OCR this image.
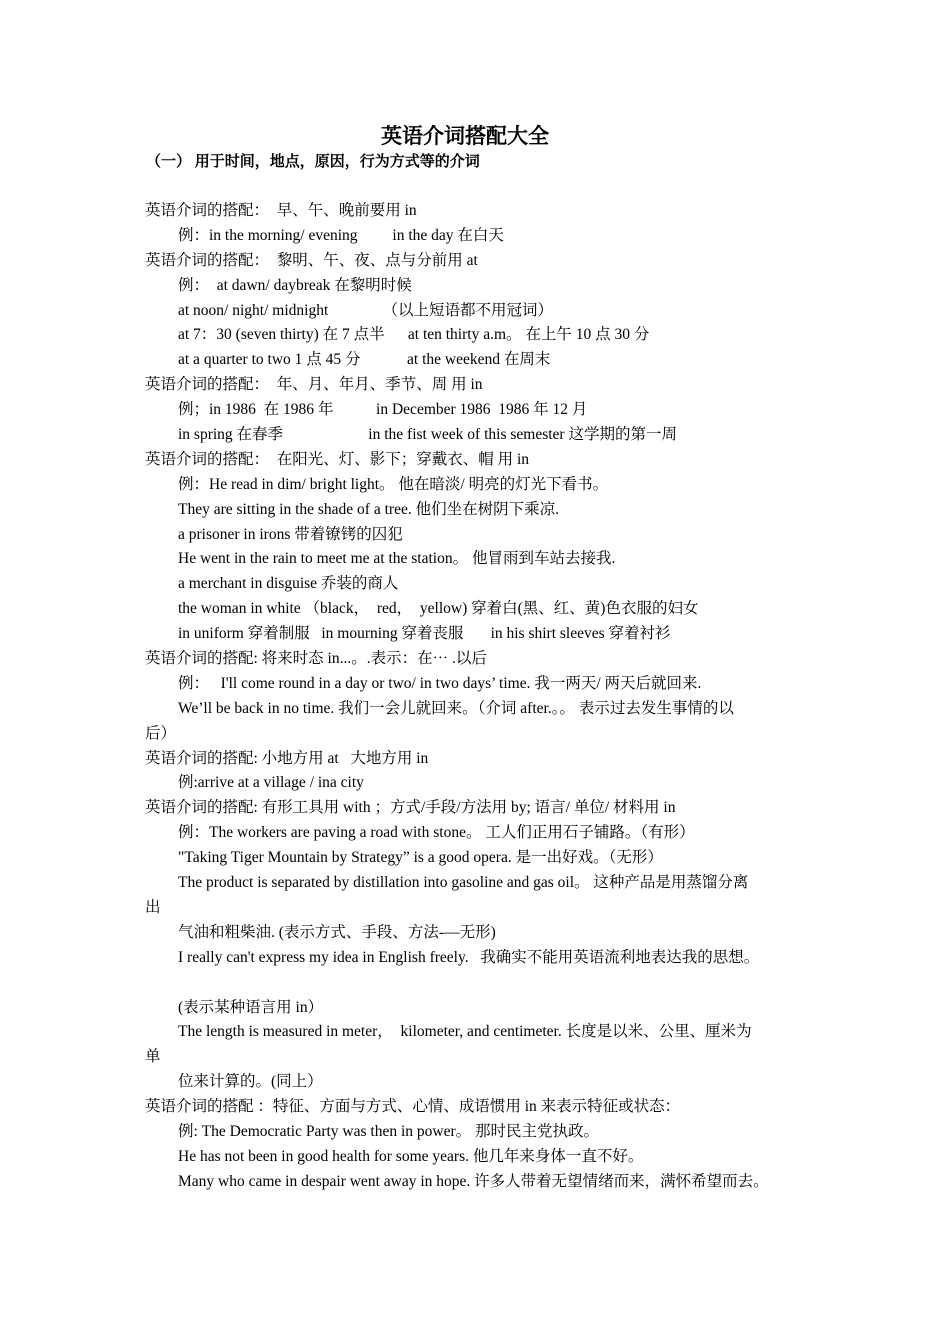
英语介词搭配大全
（一） 用于时间，地点，原因，行为方式等的介词
英语介词的搭配：  早、午、晚前要用 in
例：in the morning/ evening         in the day 在白天
英语介词的搭配：  黎明、午、夜、点与分前用 at
例：  at dawn/ daybreak 在黎明时候
at noon/ night/ midnight              （以上短语都不用冠词）
at 7：30 (seven thirty) 在 7 点半      at ten thirty a.m。 在上午 10 点 30 分
at a quarter to two 1 点 45 分            at the weekend 在周末
英语介词的搭配：  年、月、年月、季节、周 用 in
例；in 1986  在 1986 年           in December 1986  1986 年 12 月
in spring 在春季                      in the fist week of this semester 这学期的第一周
英语介词的搭配：  在阳光、灯、影下；穿戴衣、帽 用 in
例：He read in dim/ bright light。 他在暗淡/ 明亮的灯光下看书。
They are sitting in the shade of a tree. 他们坐在树阴下乘凉.
a prisoner in irons 带着镣铐的囚犯
He went in the rain to meet me at the station。 他冒雨到车站去接我.
a merchant in disguise 乔装的商人
the woman in white （black，  red，  yellow) 穿着白(黑、红、黄)色衣服的妇女
in uniform 穿着制服   in mourning 穿着丧服       in his shirt sleeves 穿着衬衫
英语介词的搭配: 将来时态 in...。.表示：在⋯ .以后
例：   I'll come round in a day or two/ in two days’ time. 我一两天/ 两天后就回来.
We’ll be back in no time. 我们一会儿就回来。（介词 after.。。 表示过去发生事情的以
后）
英语介词的搭配: 小地方用 at   大地方用 in
例:arrive at a village / ina city
英语介词的搭配: 有形工具用 with ；方式/手段/方法用 by; 语言/ 单位/ 材料用 in
例：The workers are paving a road with stone。 工人们正用石子铺路。（有形）
"Taking Tiger Mountain by Strategy” is a good opera. 是一出好戏。（无形）
The product is separated by distillation into gasoline and gas oil。 这种产品是用蒸馏分离
出
气油和粗柴油. (表示方式、手段、方法-—无形)
I really can't express my idea in English freely.   我确实不能用英语流利地表达我的思想。
(表示某种语言用 in）
The length is measured in meter，  kilometer, and centimeter. 长度是以米、公里、厘米为
单
位来计算的。(同上）
英语介词的搭配 ：特征、方面与方式、心情、成语惯用 in 来表示特征或状态：
例: The Democratic Party was then in power。 那时民主党执政。
He has not been in good health for some years. 他几年来身体一直不好。
Many who came in despair went away in hope. 许多人带着无望情绪而来，满怀希望而去。
